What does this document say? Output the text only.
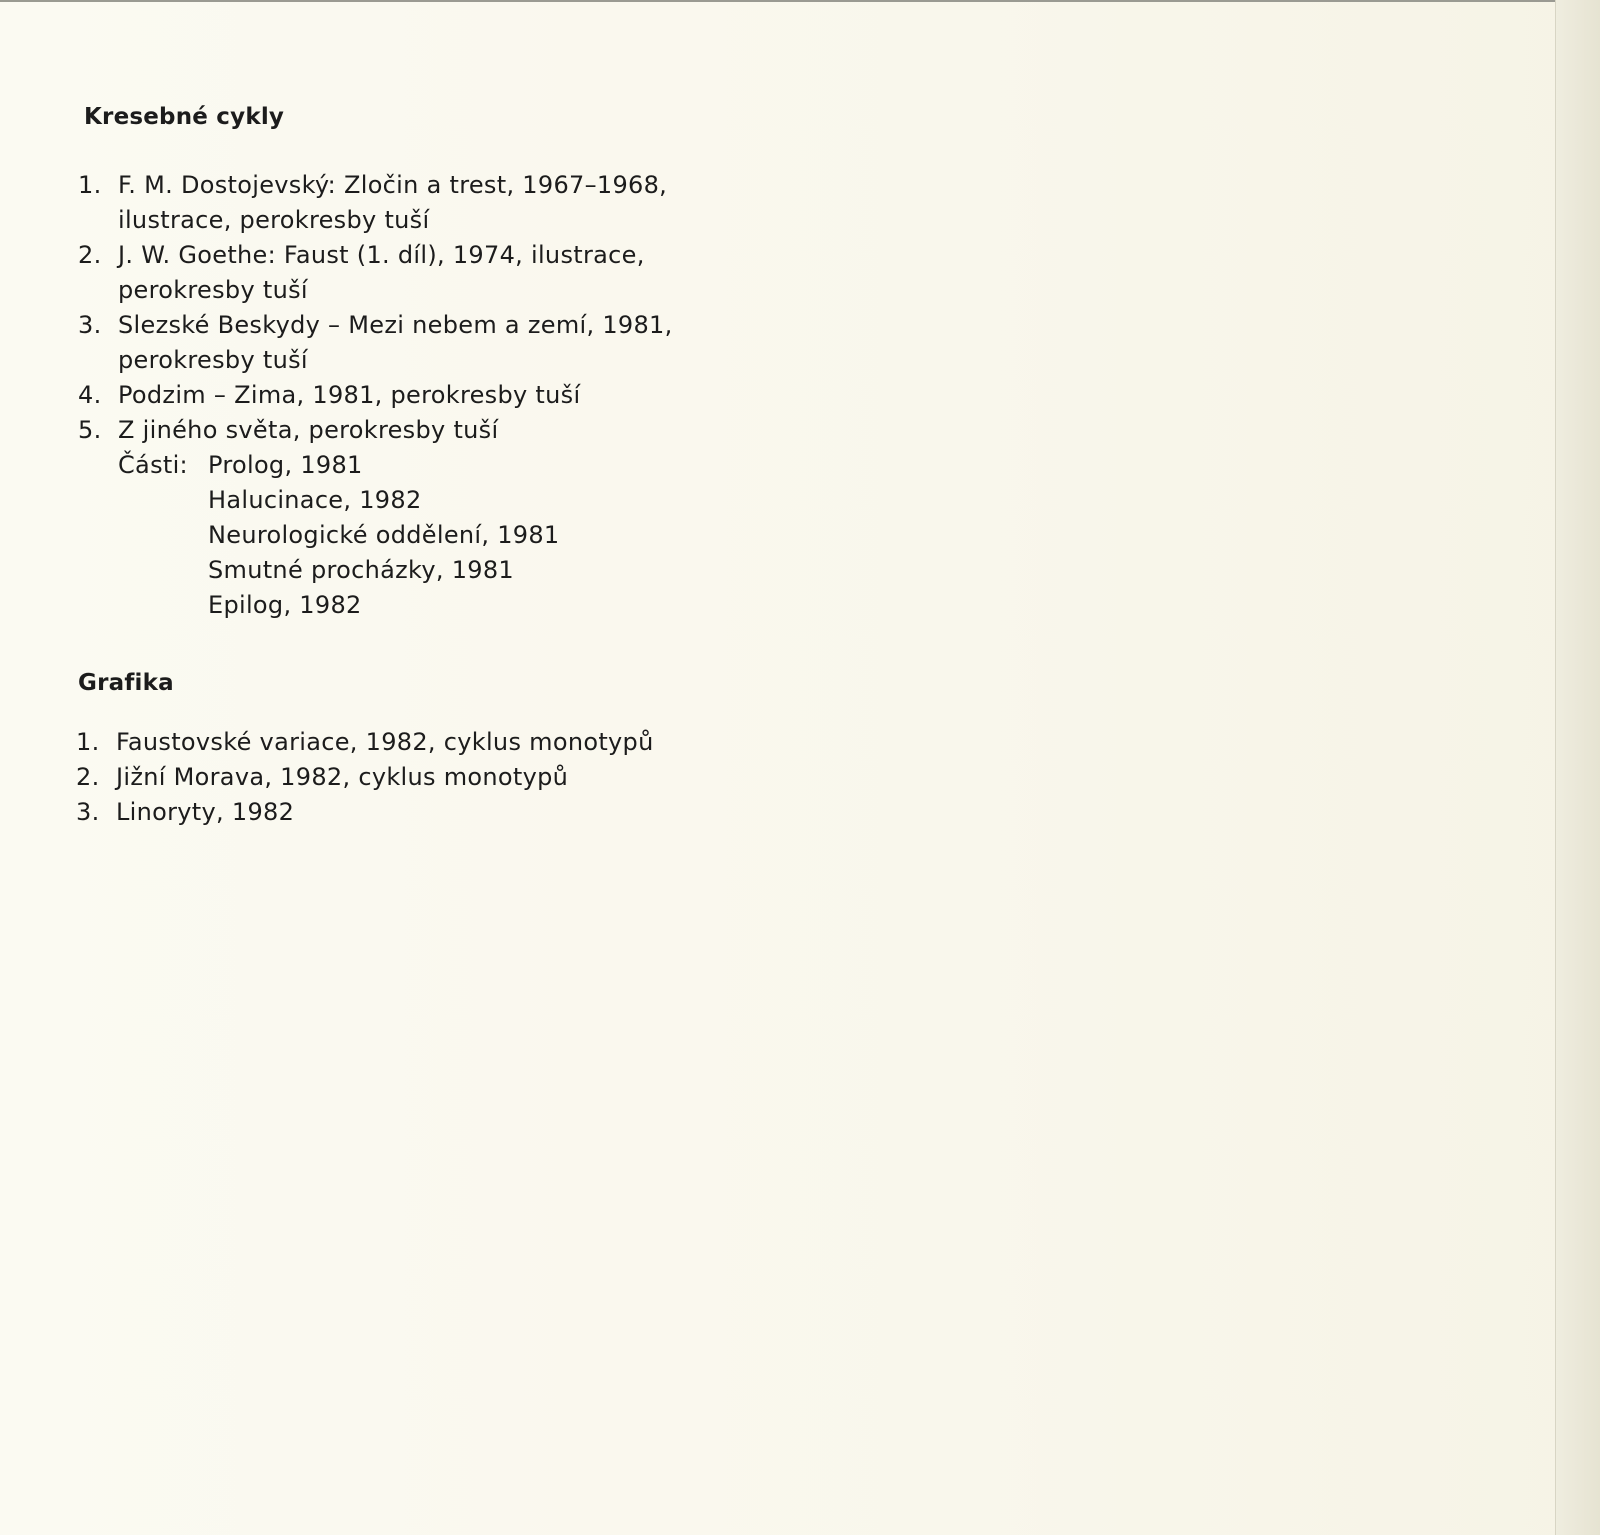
Kresebné cykly
1. F. M. Dostojevský: Zločin a trest, 1967–1968,
ilustrace, perokresby tuší
2. J. W. Goethe: Faust (1. díl), 1974, ilustrace,
perokresby tuší
3. Slezské Beskydy – Mezi nebem a zemí, 1981,
perokresby tuší
4. Podzim – Zima, 1981, perokresby tuší
5. Z jiného světa, perokresby tuší
Části: Prolog, 1981
Halucinace, 1982
Neurologické oddělení, 1981
Smutné procházky, 1981
Epilog, 1982
Grafika
1. Faustovské variace, 1982, cyklus monotypů
2. Jižní Morava, 1982, cyklus monotypů
3. Linoryty, 1982
